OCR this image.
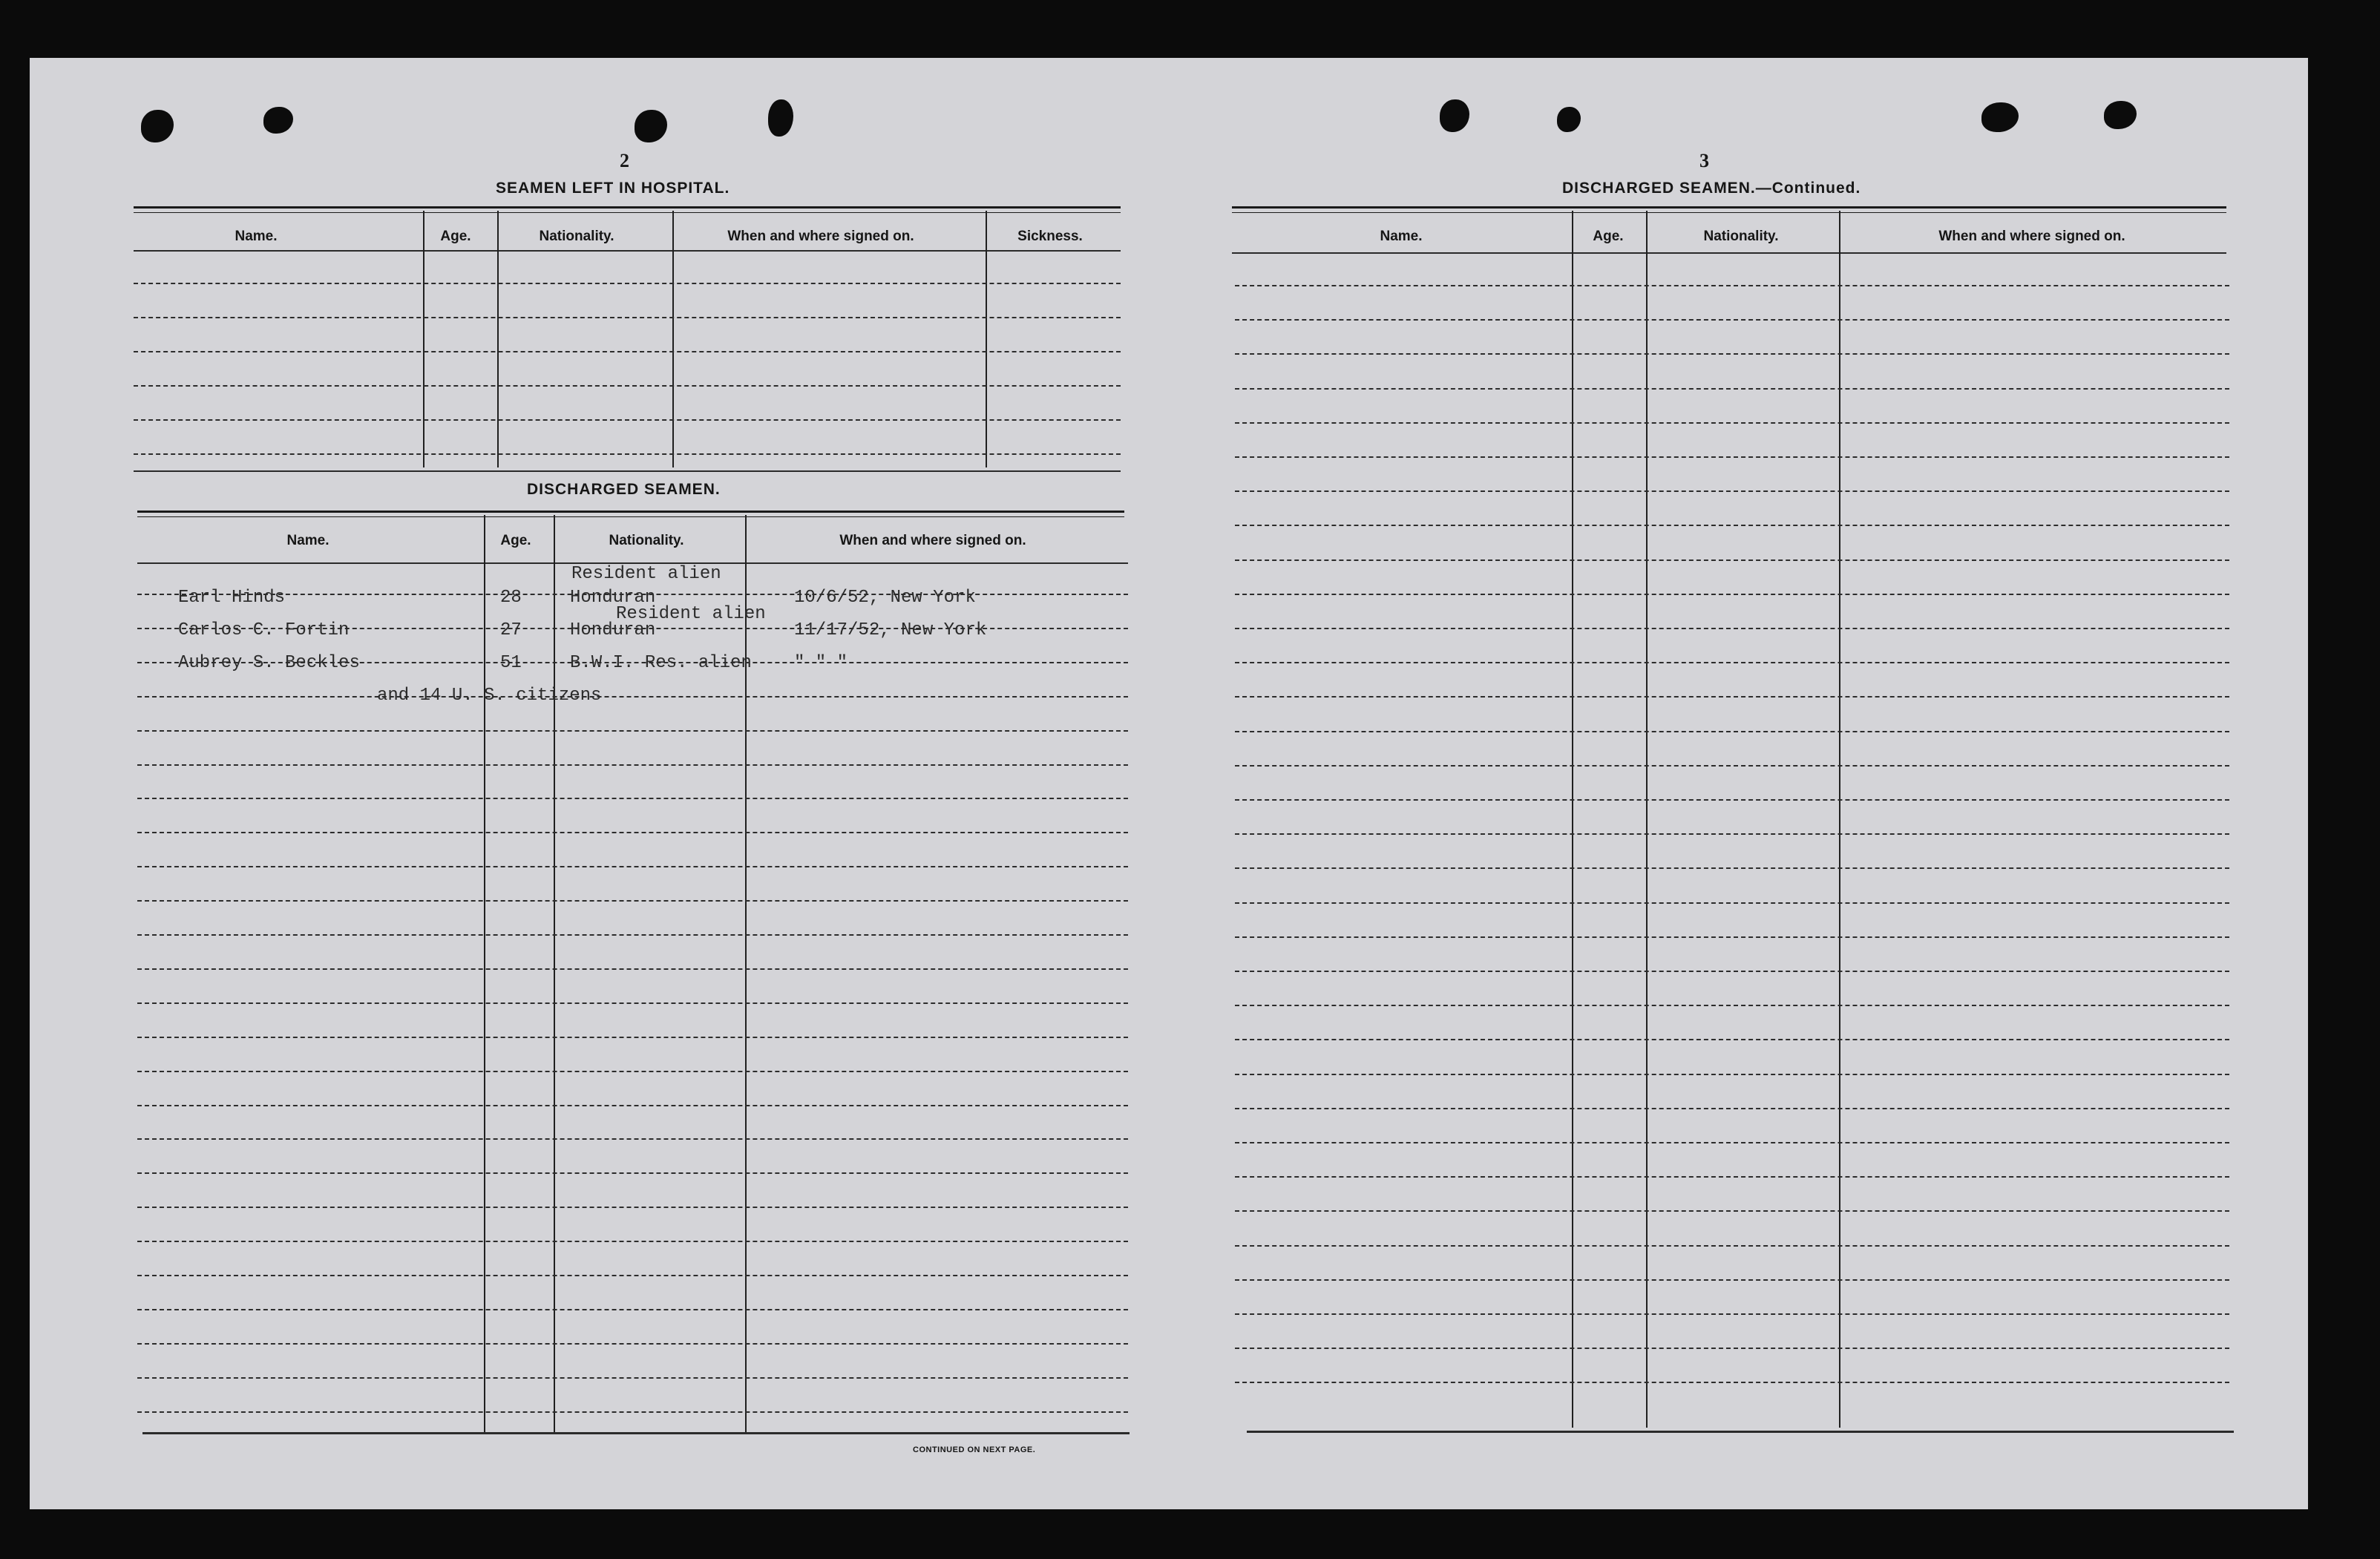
2
SEAMEN LEFT IN HOSPITAL.
Name.	Age.	Nationality.	When and where signed on.	Sickness.
DISCHARGED SEAMEN.
Name.	Age.	Nationality.	When and where signed on.
Resident alien
Earl Hinds	28	Honduran	10/6/52, New York
Resident alien
Carlos C. Fortin	27	Honduran	11/17/52, New York
Aubrey S. Beckles	51	B.W.I. Res. alien " " "
and 14 U. S. citizens
CONTINUED ON NEXT PAGE.
3
DISCHARGED SEAMEN.—Continued.
Name.	Age.	Nationality.	When and where signed on.
